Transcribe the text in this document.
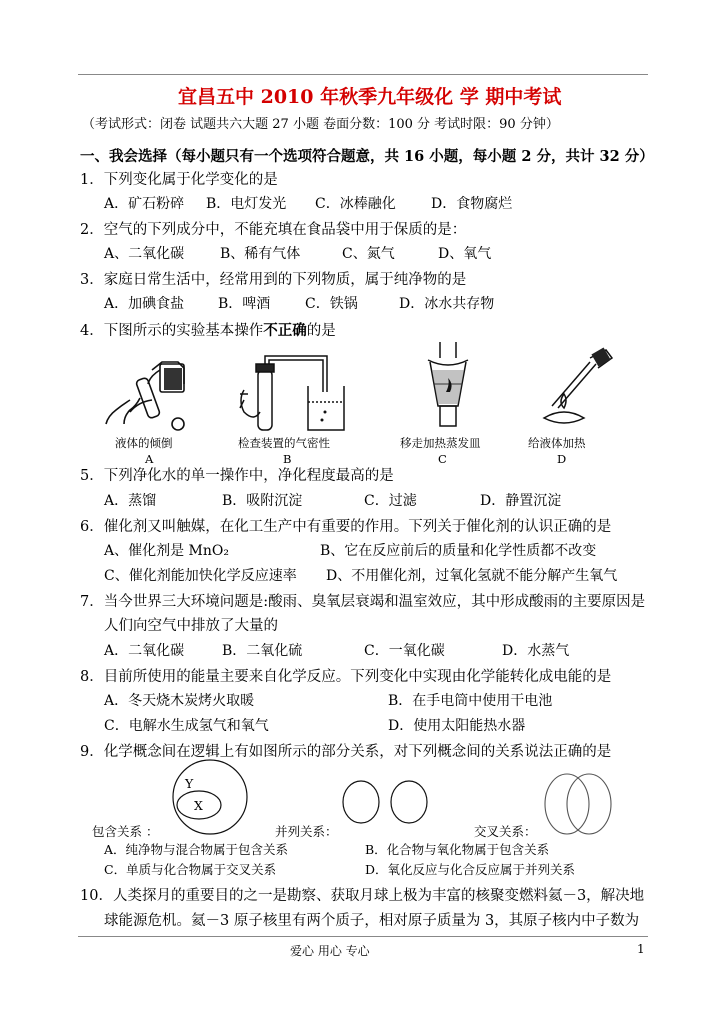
宜昌五中 2010 年秋季九年级化 学 期中考试
（考试形式：闭卷 试题共六大题 27 小题 卷面分数：100 分 考试时限：90 分钟）
一、我会选择（每小题只有一个选项符合题意，共 16 小题，每小题 2 分，共计 32 分）
1．下列变化属于化学变化的是
A．矿石粉碎 B．电灯发光 C．冰棒融化	D．食物腐烂
2．空气的下列成分中，不能充填在食品袋中用于保质的是：
A、二氧化碳	B、稀有气体	C、氮气	D、氧气
3．家庭日常生活中，经常用到的下列物质，属于纯净物的是
A．加碘食盐 B．啤酒 C．铁锅	D．冰水共存物
4．下图所示的实验基本操作不正确的是
液体的倾倒
A
检查装置的气密性
B
移走加热蒸发皿
C
给液体加热
D
5．下列净化水的单一操作中，净化程度最高的是
A．蒸馏	B．吸附沉淀	C．过滤	D．静置沉淀
6．催化剂又叫触媒，在化工生产中有重要的作用。下列关于催化剂的认识正确的是
A、催化剂是 MnO₂	B、它在反应前后的质量和化学性质都不改变
C、催化剂能加快化学反应速率 D、不用催化剂，过氧化氢就不能分解产生氧气
7．当今世界三大环境问题是:酸雨、臭氧层衰竭和温室效应，其中形成酸雨的主要原因是
人们向空气中排放了大量的
A．二氧化碳	B．二氧化硫	C．一氧化碳	D．水蒸气
8．目前所使用的能量主要来自化学反应。下列变化中实现由化学能转化成电能的是
A．冬天烧木炭烤火取暖	B．在手电筒中使用干电池
C．电解水生成氢气和氧气	D．使用太阳能热水器
9．化学概念间在逻辑上有如图所示的部分关系，对下列概念间的关系说法正确的是
Y
X
包含关系 ：	并列关系：	交叉关系：
A．纯净物与混合物属于包含关系	B．化合物与氧化物属于包含关系
C．单质与化合物属于交叉关系	D．氧化反应与化合反应属于并列关系
10．人类探月的重要目的之一是勘察、获取月球上极为丰富的核聚变燃料氦－3，解决地
球能源危机。氦－3 原子核里有两个质子，相对原子质量为 3，其原子核内中子数为
爱心 用心 专心	1
